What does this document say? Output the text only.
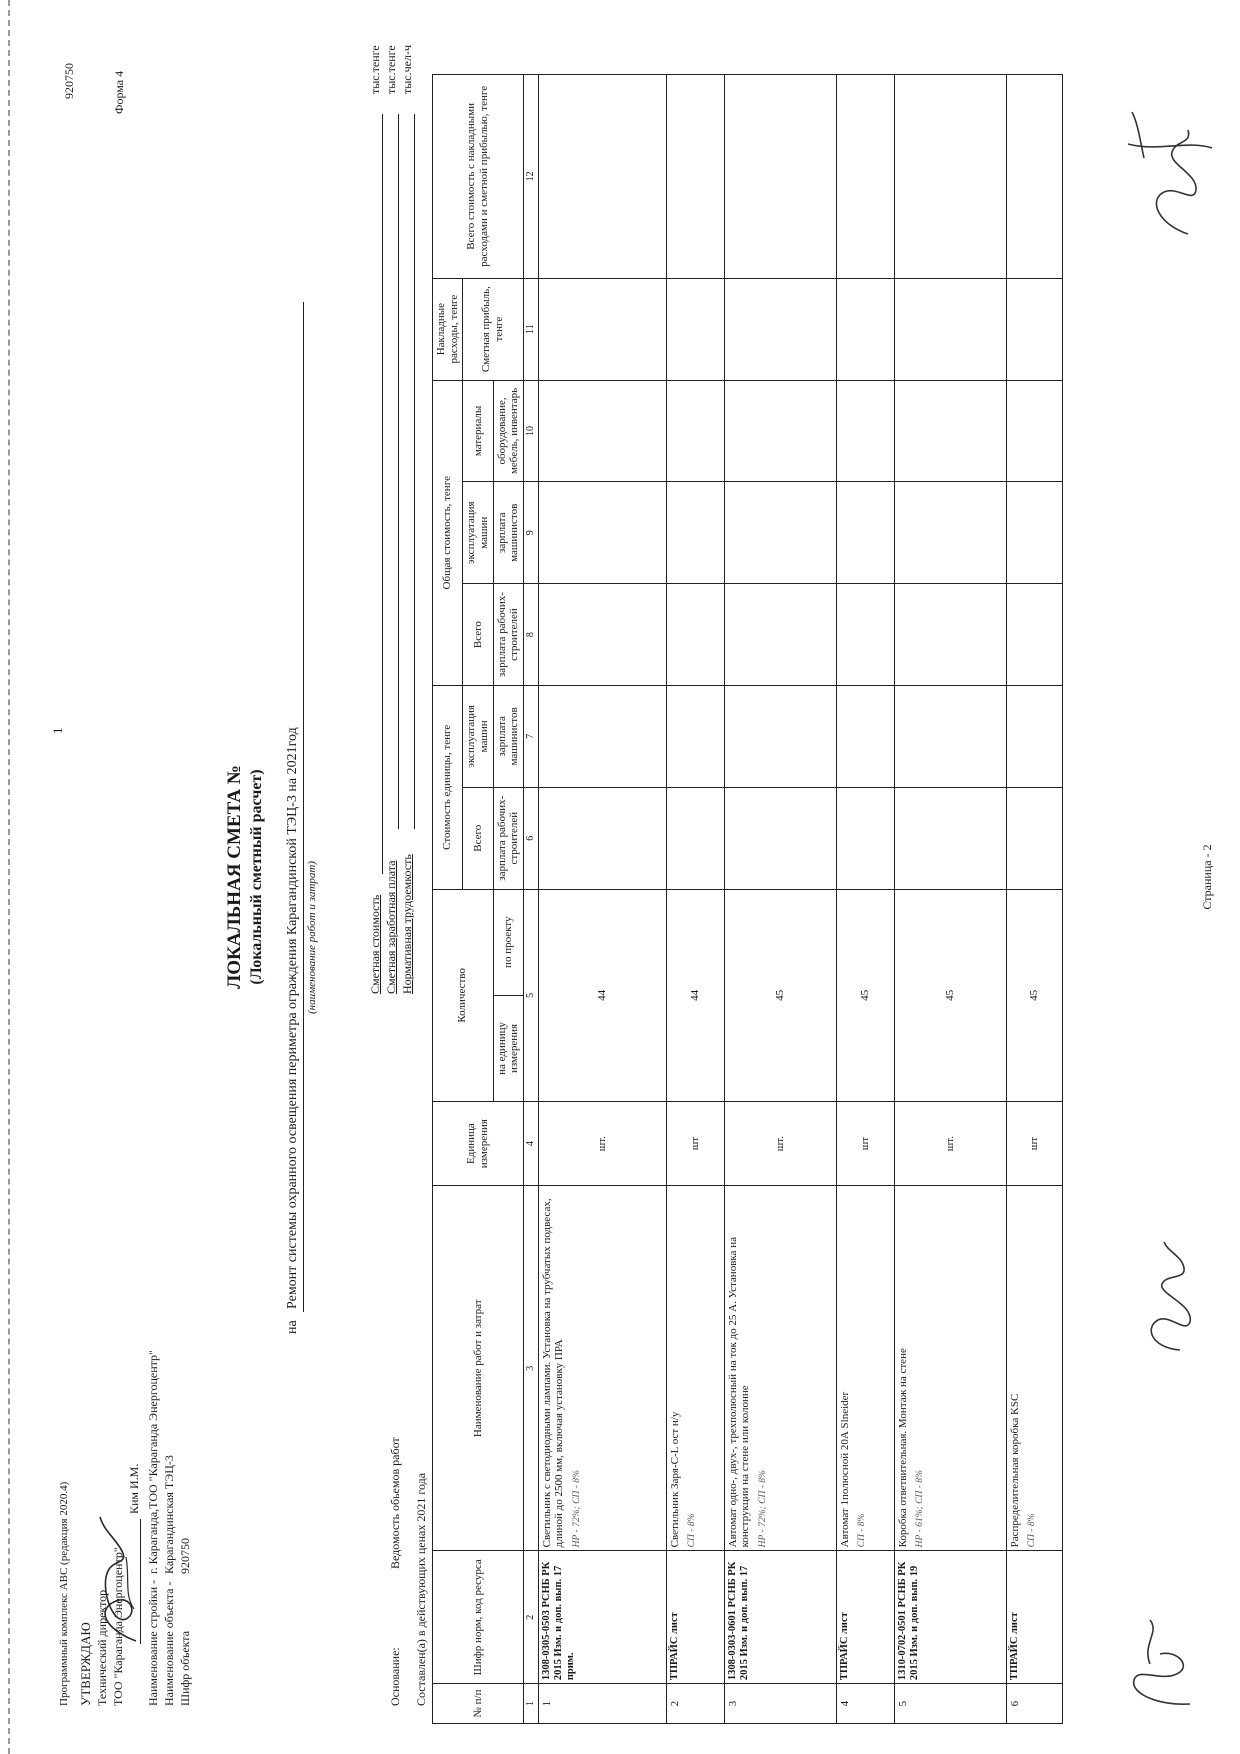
Программный комплекс ABC (редакция 2020.4)
1
920750	Форма 4
УТВЕРЖДАЮ Технический директор ТОО "Караганда Энергоцентр"
Ким И.М.
Наименование стройки -
г. Караганда,ТОО "Караганда Энергоцентр"
Наименование объекта -
Карагандинская ТЭЦ-3
Шифр объекта
920750
ЛОКАЛЬНАЯ СМЕТА № (Локальный сметный расчет)
на
Ремонт системы охранного освещения периметра ограждения Карагандинской ТЭЦ-3 на 2021год (наименование работ и затрат)
Основание:
Ведомость обьемов работ
Сметная стоимость
тыс.тенге
Сметная заработная плата
тыс.тенге
Нормативная трудоемкость
тыс.чел-ч
Составлен(а) в действующих ценах 2021 года	№ п/п	Шифр норм, код ресурса	Наименование работ и затрат	Единица измерения	Количество		Стоимость единицы, тенге		Общая стоимость, тенге			Накладные расходы, тенге	Всего стоимость с накладными расходами и сметной прибылью, тенге
						Всего	эксплуатация машин	Всего	эксплуатация машин	материалы	Сметная прибыль, тенге	
				на единицу измерения	по проекту	зарплата рабочих-строителей	зарплата машинистов	зарплата рабочих-строителей	зарплата машинистов	оборудование, мебель, инвентарь		
1	2	3	4	5		6	7	8	9	10	11	12
1	1308-0305-0503 РСНБ РК 2015 Изм. и доп. вып. 17 прим.	Светильник с светодиодными лампами. Установка на трубчатых подвесах, длиной до 2500 мм, включая установку ПРА НР - 72%; СП - 8%	шт.	44								
2	ТПРАЙС лист	Светильник Заря-С-L ост н/у СП - 8%	шт	44								
3	1308-0303-0601 РСНБ РК 2015 Изм. и доп. вып. 17	Автомат одно-, двух-, трехполюсный на ток до 25 А. Установка на конструкции на стене или колонне НР - 72%; СП - 8%	шт.	45								
4	ТПРАЙС лист	Автомат 1полюсной 20А Slneider СП - 8%	шт	45								
5	1310-0702-0501 РСНБ РК 2015 Изм. и доп. вып. 19	Коробка ответвительная. Монтаж на стене НР - 61%; СП - 8%	шт.	45								
6	ТПРАЙС лист	Распределительная коробка KSC СП - 8%	шт	45								
Страница - 2
